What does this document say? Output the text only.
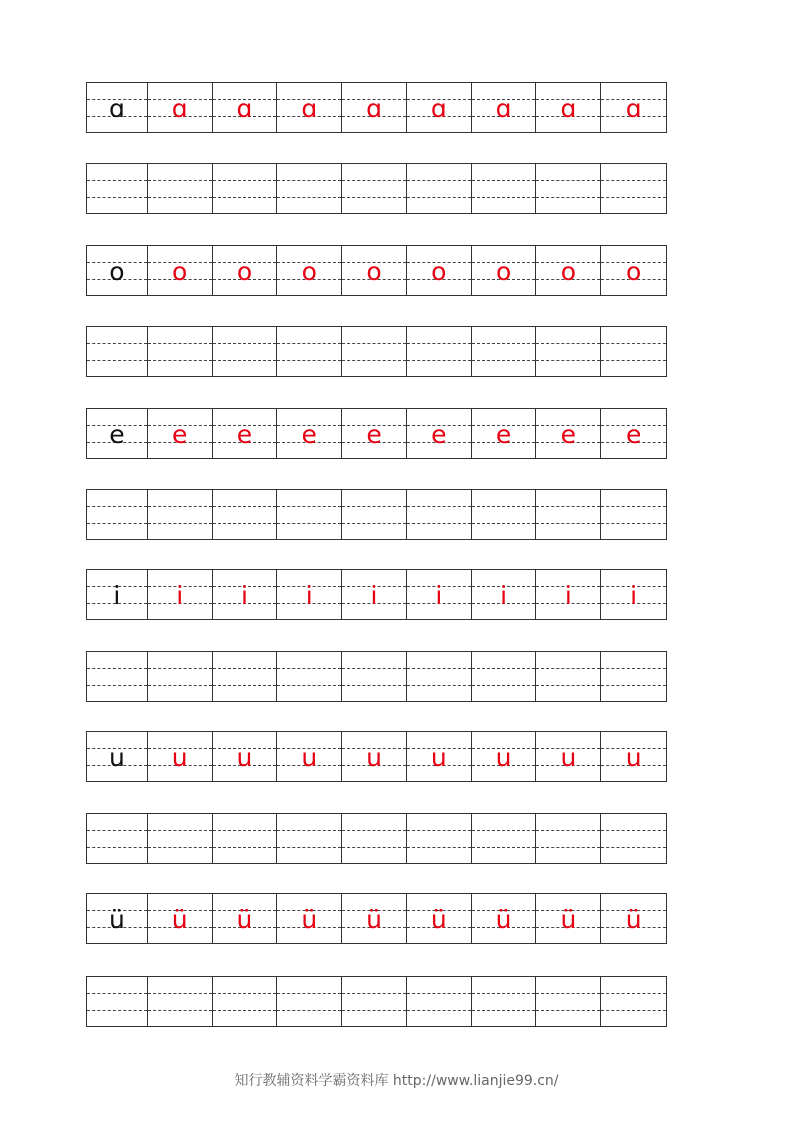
ɑ	ɑ	ɑ	ɑ	ɑ	ɑ	ɑ	ɑ	ɑ
o	o	o	o	o	o	o	o	o
e	e	e	e	e	e	e	e	e
i	i	i	i	i	i	i	i	i
u	u	u	u	u	u	u	u	u
ü	ü	ü	ü	ü	ü	ü	ü	ü
知行教辅资料学霸资料库 http://www.lianjie99.cn/
